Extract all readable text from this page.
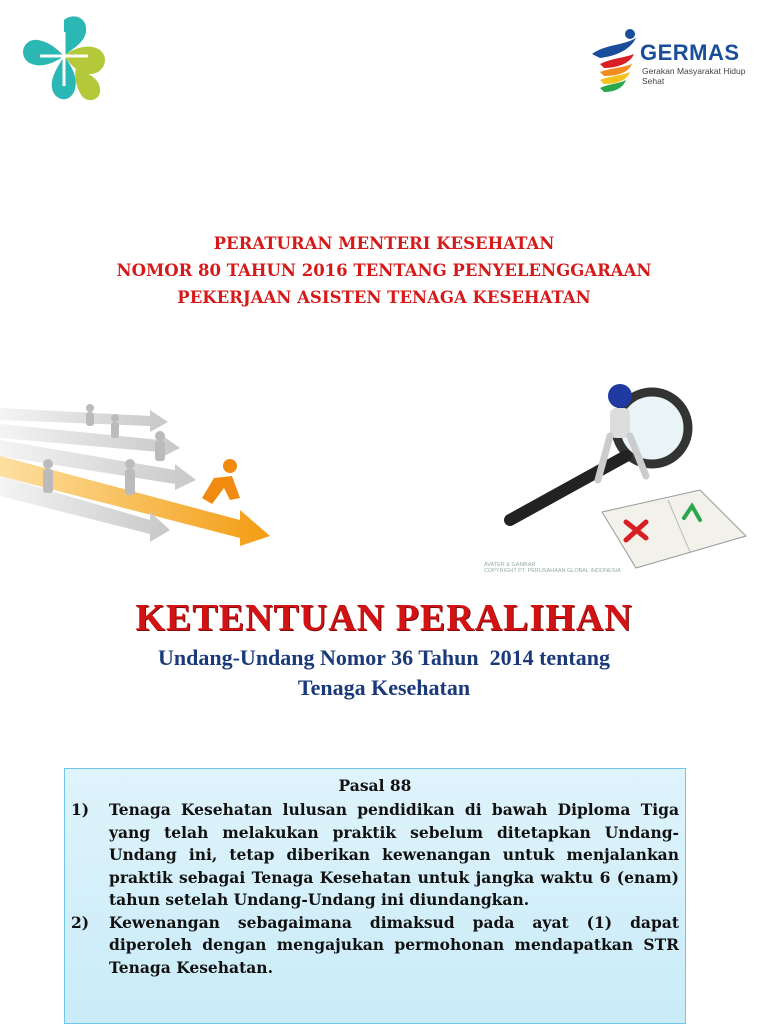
GERMAS
Gerakan Masyarakat Hidup Sehat
PERATURAN MENTERI KESEHATAN
NOMOR 80 TAHUN 2016 TENTANG PENYELENGGARAAN
PEKERJAAN ASISTEN TENAGA KESEHATAN
AVATER & GAMBAR
COPYRIGHT PT. PERUSAHAAN GLOBAL INDONESIA
KETENTUAN PERALIHAN
Undang-Undang Nomor 36 Tahun  2014 tentang
Tenaga Kesehatan
Pasal 88
1)	Tenaga Kesehatan lulusan pendidikan di bawah Diploma Tiga yang telah melakukan praktik sebelum ditetapkan Undang-Undang ini, tetap diberikan kewenangan untuk menjalankan praktik sebagai Tenaga Kesehatan untuk jangka waktu 6 (enam) tahun setelah Undang-Undang ini diundangkan.
2)	Kewenangan sebagaimana dimaksud pada ayat (1) dapat diperoleh dengan mengajukan permohonan mendapatkan STR Tenaga Kesehatan.
